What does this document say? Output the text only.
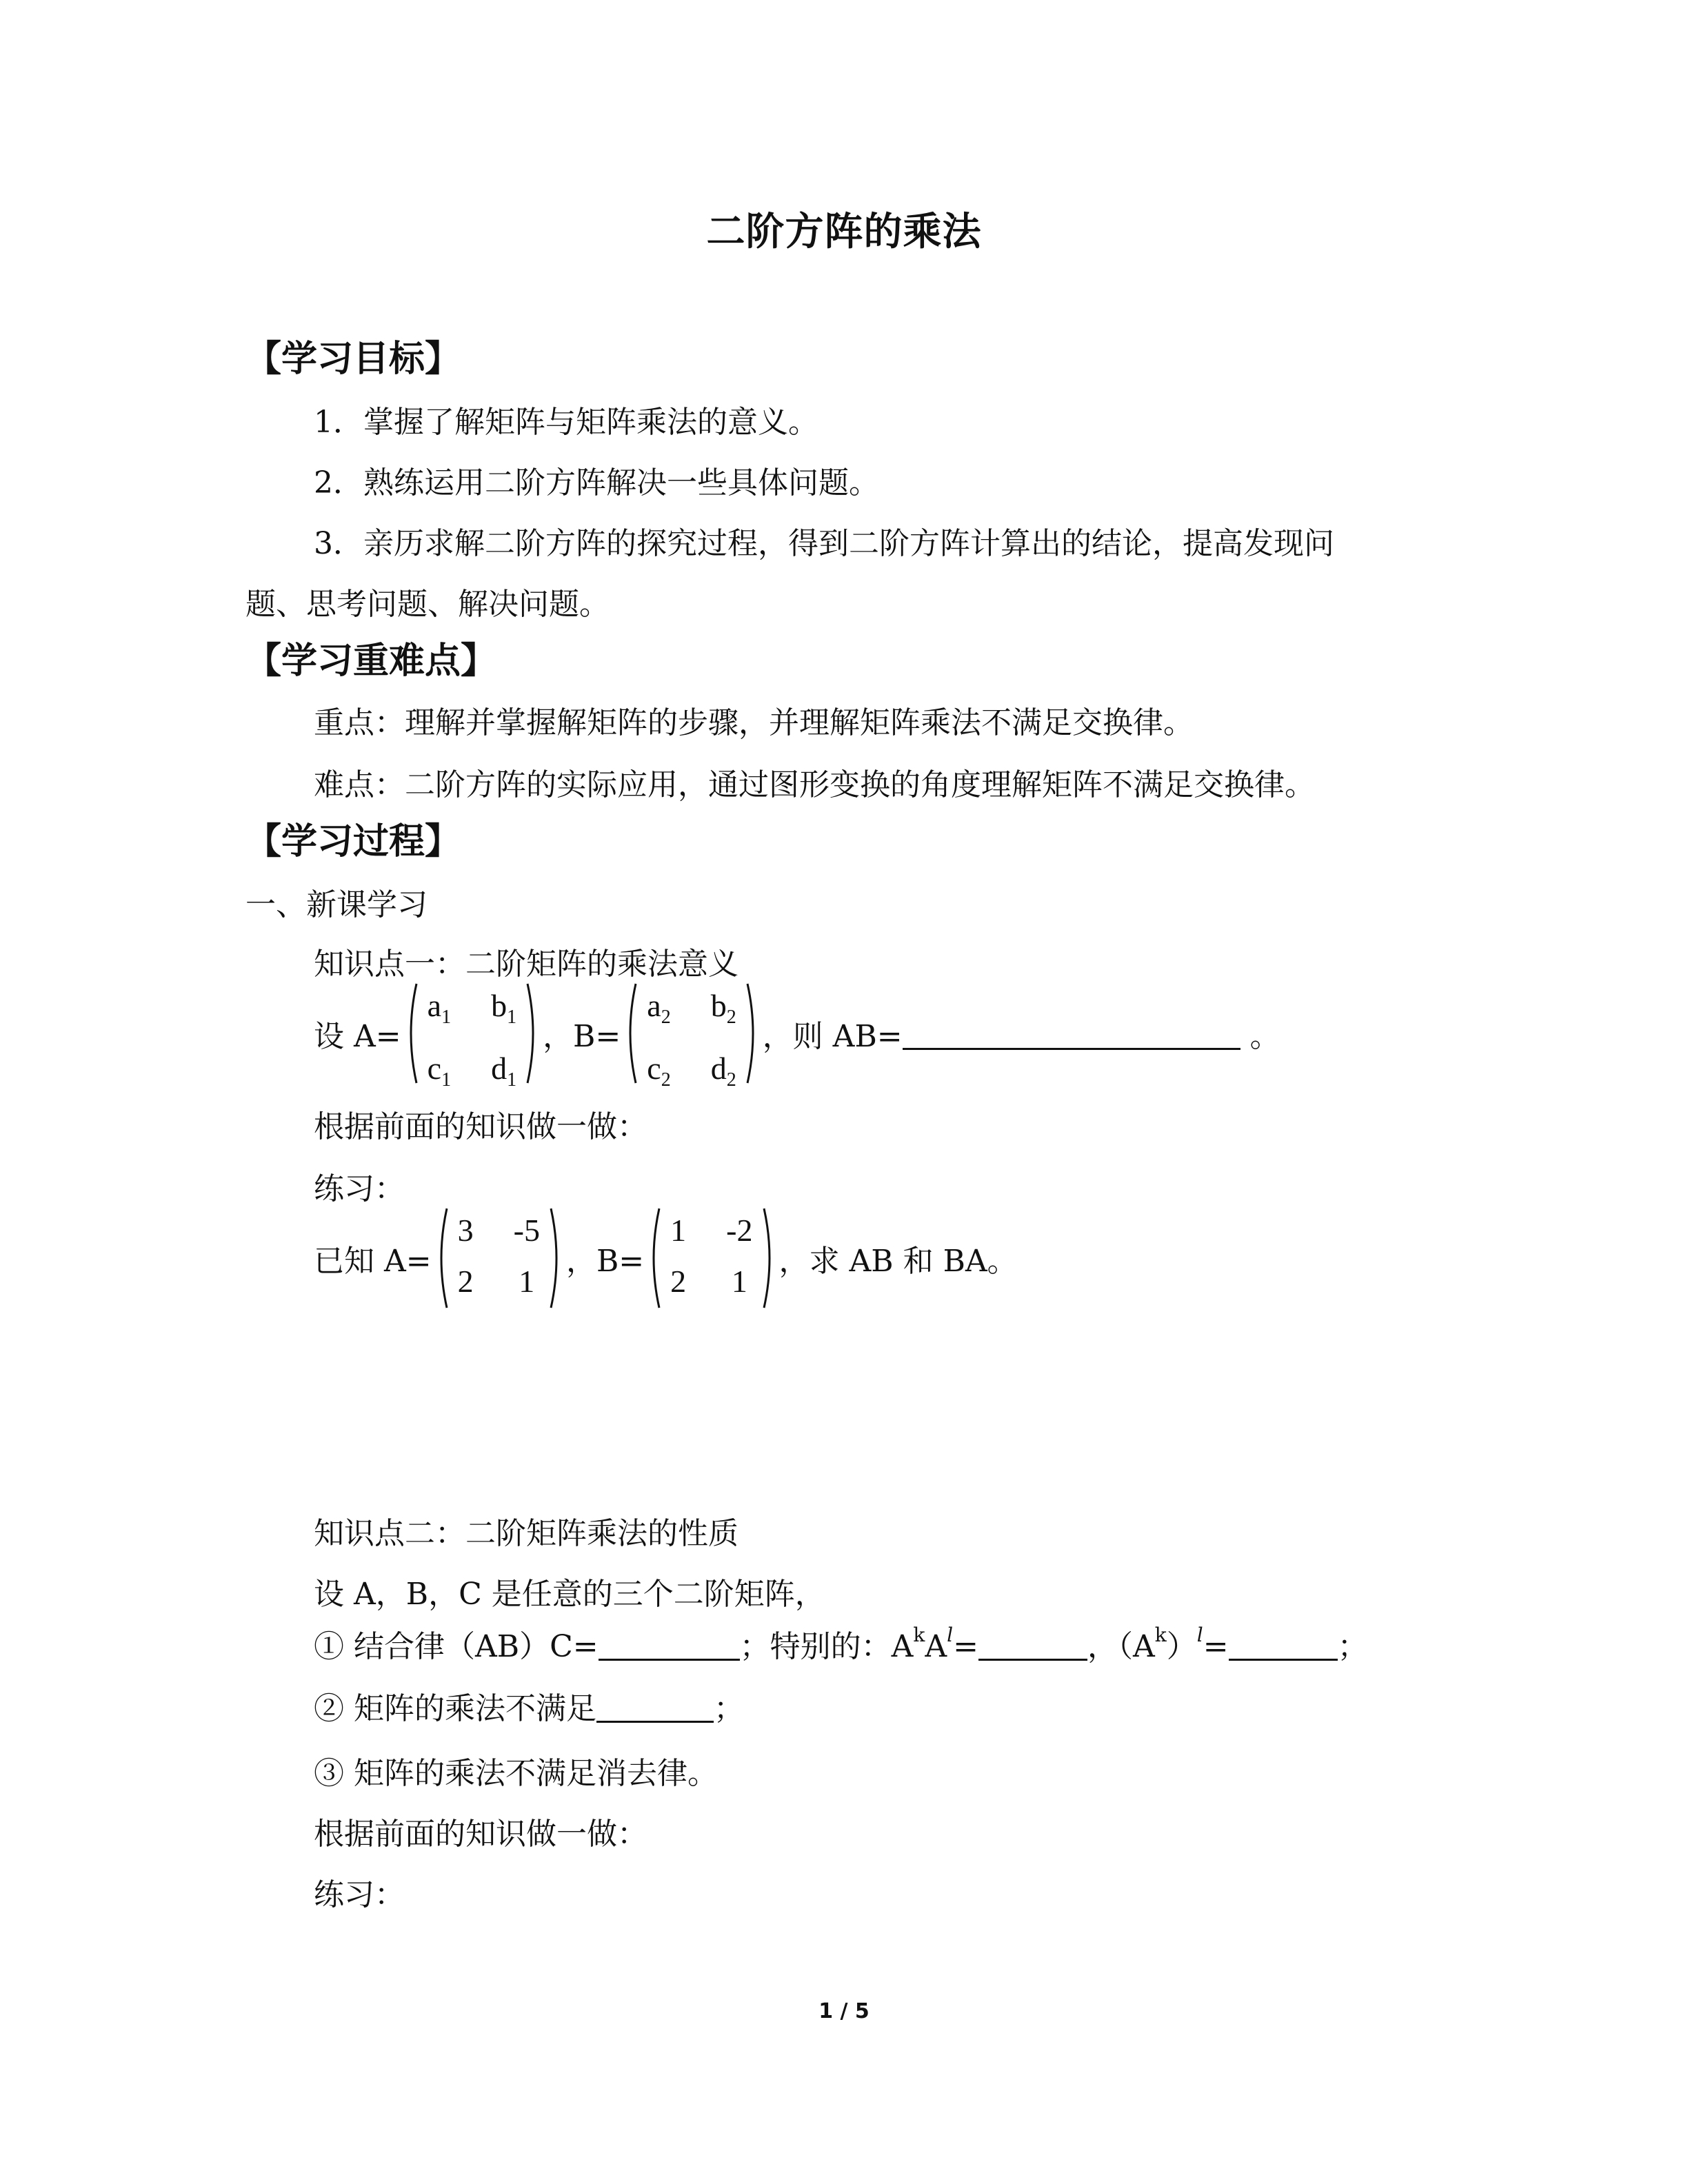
二阶方阵的乘法
【学习目标】
1．掌握了解矩阵与矩阵乘法的意义。
2．熟练运用二阶方阵解决一些具体问题。
3．亲历求解二阶方阵的探究过程，得到二阶方阵计算出的结论，提高发现问
题、思考问题、解决问题。
【学习重难点】
重点：理解并掌握解矩阵的步骤，并理解矩阵乘法不满足交换律。
难点：二阶方阵的实际应用，通过图形变换的角度理解矩阵不满足交换律。
【学习过程】
一、新课学习
知识点一：二阶矩阵的乘法意义
设 A=
$a_1$ $b_1$
$c_1$ $d_1$
，B=
$a_2$ $b_2$
$c_2$ $d_2$
，则 AB=	。
根据前面的知识做一做：
练习：
已知 A=
3 -5
2 1
，B=
1 -2
2 1
，求 AB 和 BA。
知识点二：二阶矩阵乘法的性质
设 A，B，C 是任意的三个二阶矩阵，
① 结合律（AB）C=	；特别的：$A^kA^l=$	，$(A^k)^l=$	；
② 矩阵的乘法不满足	；
③ 矩阵的乘法不满足消去律。
根据前面的知识做一做：
练习：
1 / 5
